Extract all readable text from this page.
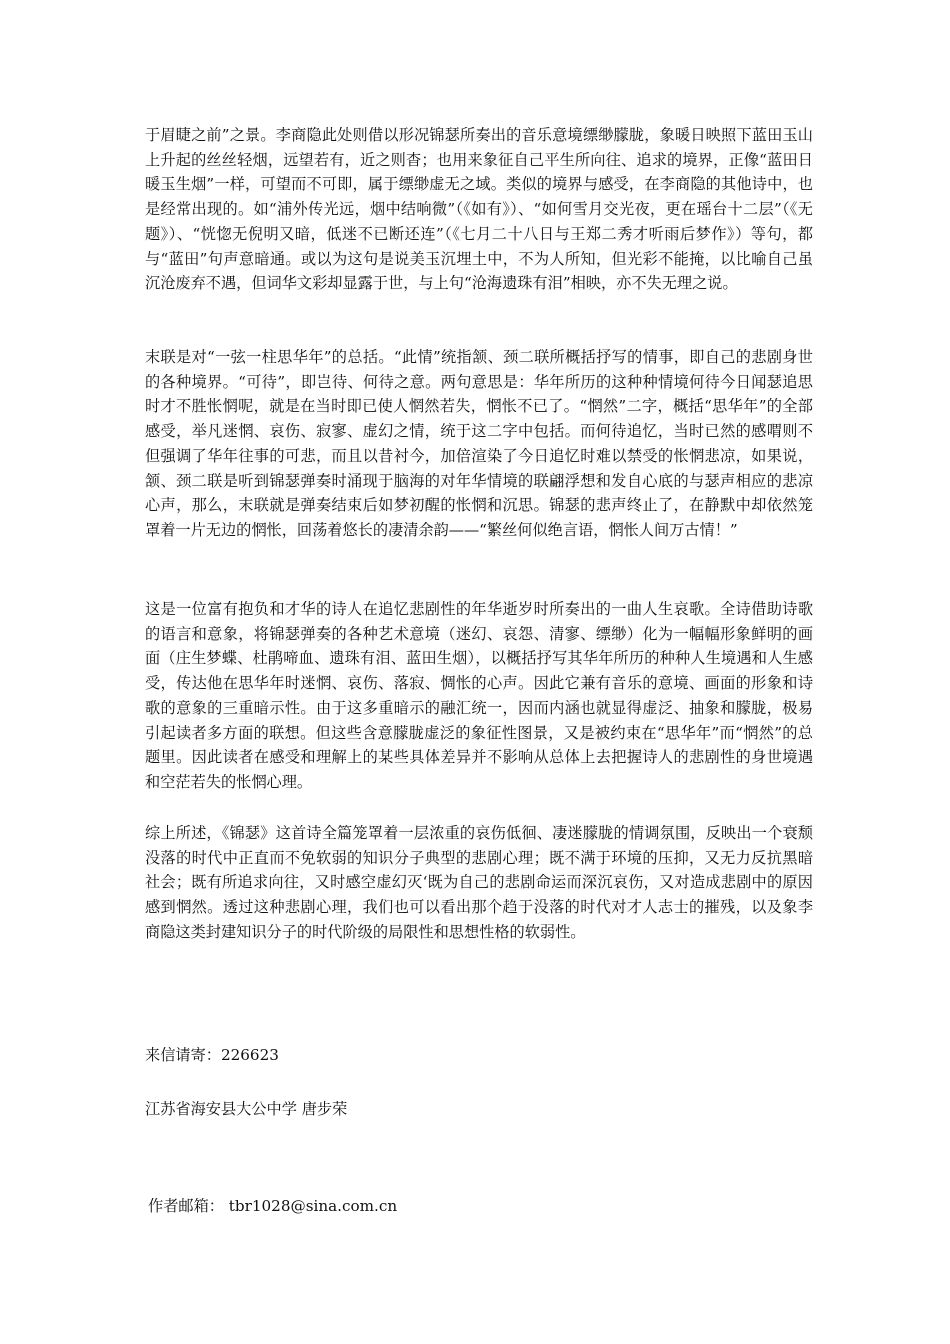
于眉睫之前”之景。李商隐此处则借以形况锦瑟所奏出的音乐意境缥缈朦胧，象暖日映照下蓝田玉山上升起的丝丝轻烟，远望若有，近之则杳；也用来象征自己平生所向往、追求的境界，正像“蓝田日暖玉生烟”一样，可望而不可即，属于缥缈虚无之域。类似的境界与感受，在李商隐的其他诗中，也是经常出现的。如“浦外传光远，烟中结响微”（《如有》）、“如何雪月交光夜，更在瑶台十二层”（《无题》）、“恍惚无倪明又暗，低迷不已断还连”（《七月二十八日与王郑二秀才听雨后梦作》）等句，都与“蓝田”句声意暗通。或以为这句是说美玉沉埋土中，不为人所知，但光彩不能掩，以比喻自己虽沉沧废弃不遇，但词华文彩却显露于世，与上句“沧海遗珠有泪”相映，亦不失无理之说。

末联是对“一弦一柱思华年”的总括。“此情”统指颔、颈二联所概括抒写的情事，即自己的悲剧身世的各种境界。“可待”，即岂待、何待之意。两句意思是：华年所历的这种种情境何待今日闻瑟追思时才不胜怅惘呢，就是在当时即已使人惘然若失，惘怅不已了。“惘然”二字，概括“思华年”的全部感受，举凡迷惘、哀伤、寂寥、虚幻之情，统于这二字中包括。而何待追忆，当时已然的感喟则不但强调了华年往事的可悲，而且以昔衬今，加倍渲染了今日追忆时难以禁受的怅惘悲凉，如果说，颔、颈二联是听到锦瑟弹奏时涌现于脑海的对年华情境的联翩浮想和发自心底的与瑟声相应的悲凉心声，那么，末联就是弹奏结束后如梦初醒的怅惘和沉思。锦瑟的悲声终止了，在静默中却依然笼罩着一片无边的惘怅，回荡着悠长的凄清余韵——“繁丝何似绝言语，惘怅人间万古情！”

这是一位富有抱负和才华的诗人在追忆悲剧性的年华逝岁时所奏出的一曲人生哀歌。全诗借助诗歌的语言和意象，将锦瑟弹奏的各种艺术意境（迷幻、哀怨、清寥、缥缈）化为一幅幅形象鲜明的画面（庄生梦蝶、杜鹃啼血、遗珠有泪、蓝田生烟），以概括抒写其华年所历的种种人生境遇和人生感受，传达他在思华年时迷惘、哀伤、落寂、惆怅的心声。因此它兼有音乐的意境、画面的形象和诗歌的意象的三重暗示性。由于这多重暗示的融汇统一，因而内涵也就显得虚泛、抽象和朦胧，极易引起读者多方面的联想。但这些含意朦胧虚泛的象征性图景，又是被约束在“思华年”而“惘然”的总题里。因此读者在感受和理解上的某些具体差异并不影响从总体上去把握诗人的悲剧性的身世境遇和空茫若失的怅惘心理。

综上所述，《锦瑟》这首诗全篇笼罩着一层浓重的哀伤低徊、凄迷朦胧的情调氛围，反映出一个衰颓没落的时代中正直而不免软弱的知识分子典型的悲剧心理；既不满于环境的压抑，又无力反抗黑暗社会；既有所追求向往，又时感空虚幻灭‘既为自己的悲剧命运而深沉哀伤，又对造成悲剧中的原因感到惘然。透过这种悲剧心理，我们也可以看出那个趋于没落的时代对才人志士的摧残，以及象李商隐这类封建知识分子的时代阶级的局限性和思想性格的软弱性。

来信请寄：226623

江苏省海安县大公中学 唐步荣

作者邮箱： tbr1028@sina.com.cn
